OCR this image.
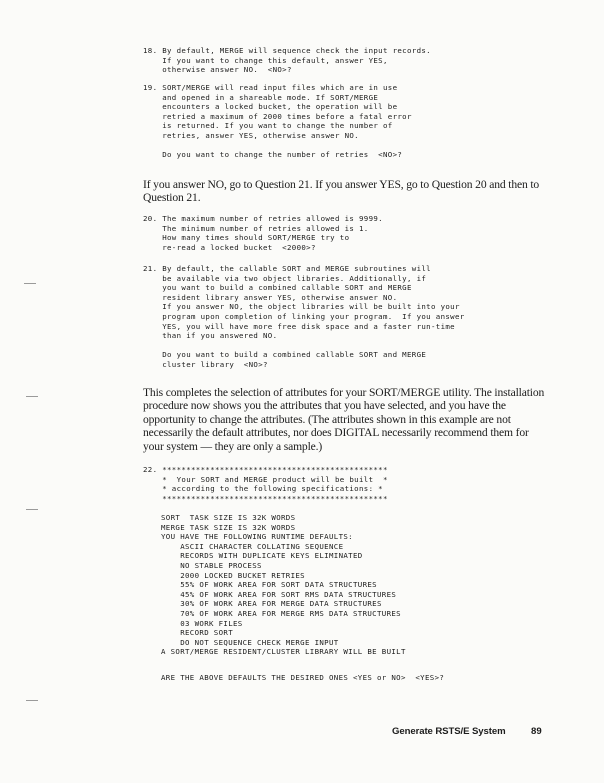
18. By default, MERGE will sequence check the input records.
If you want to change this default, answer YES,
otherwise answer NO.  <NO>?
19. SORT/MERGE will read input files which are in use
and opened in a shareable mode. If SORT/MERGE
encounters a locked bucket, the operation will be
retried a maximum of 2000 times before a fatal error
is returned. If you want to change the number of
retries, answer YES, otherwise answer NO.

Do you want to change the number of retries  <NO>?

If you answer NO, go to Question 21. If you answer YES, go to Question 20 and then to Question 21.

20. The maximum number of retries allowed is 9999.
The minimum number of retries allowed is 1.
How many times should SORT/MERGE try to
re-read a locked bucket  <2000>?
21. By default, the callable SORT and MERGE subroutines will
be available via two object libraries. Additionally, if
you want to build a combined callable SORT and MERGE
resident library answer YES, otherwise answer NO.
If you answer NO, the object libraries will be built into your
program upon completion of linking your program.  If you answer
YES, you will have more free disk space and a faster run-time
than if you answered NO.

Do you want to build a combined callable SORT and MERGE
cluster library  <NO>?

This completes the selection of attributes for your SORT/MERGE utility. The installation procedure now shows you the attributes that you have selected, and you have the opportunity to change the attributes. (The attributes shown in this example are not necessarily the default attributes, nor does DIGITAL necessarily recommend them for your system — they are only a sample.)

22. ***********************************************
*  Your SORT and MERGE product will be built  *
* according to the following specifications: *
***********************************************
SORT  TASK SIZE IS 32K WORDS
MERGE TASK SIZE IS 32K WORDS
YOU HAVE THE FOLLOWING RUNTIME DEFAULTS:
ASCII CHARACTER COLLATING SEQUENCE
RECORDS WITH DUPLICATE KEYS ELIMINATED
NO STABLE PROCESS
2000 LOCKED BUCKET RETRIES
55% OF WORK AREA FOR SORT DATA STRUCTURES
45% OF WORK AREA FOR SORT RMS DATA STRUCTURES
30% OF WORK AREA FOR MERGE DATA STRUCTURES
70% OF WORK AREA FOR MERGE RMS DATA STRUCTURES
03 WORK FILES
RECORD SORT
DO NOT SEQUENCE CHECK MERGE INPUT
A SORT/MERGE RESIDENT/CLUSTER LIBRARY WILL BE BUILT
ARE THE ABOVE DEFAULTS THE DESIRED ONES <YES or NO>  <YES>?
Generate RSTS/E System	89
